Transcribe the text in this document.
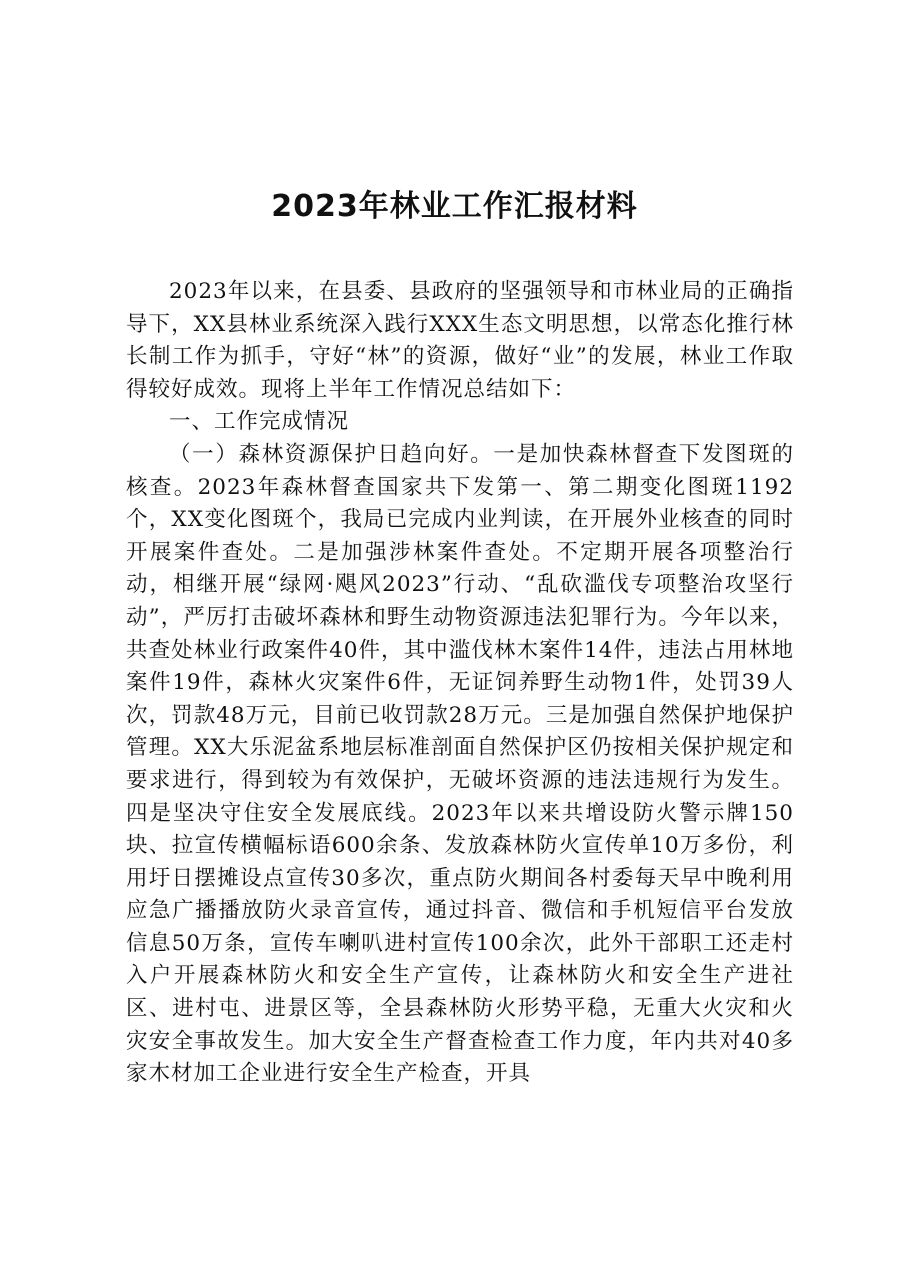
2023年林业工作汇报材料

2023年以来，在县委、县政府的坚强领导和市林业局的正确指导下，XX县林业系统深入践行XXX生态文明思想，以常态化推行林长制工作为抓手，守好“林”的资源，做好“业”的发展，林业工作取得较好成效。现将上半年工作情况总结如下：

一、工作完成情况

（一）森林资源保护日趋向好。一是加快森林督查下发图斑的核查。2023年森林督查国家共下发第一、第二期变化图斑1192个，XX变化图斑个，我局已完成内业判读，在开展外业核查的同时开展案件查处。二是加强涉林案件查处。不定期开展各项整治行动，相继开展“绿网·飓风2023”行动、“乱砍滥伐专项整治攻坚行动”，严厉打击破坏森林和野生动物资源违法犯罪行为。今年以来，共查处林业行政案件40件，其中滥伐林木案件14件，违法占用林地案件19件，森林火灾案件6件，无证饲养野生动物1件，处罚39人次，罚款48万元，目前已收罚款28万元。三是加强自然保护地保护管理。XX大乐泥盆系地层标准剖面自然保护区仍按相关保护规定和要求进行，得到较为有效保护，无破坏资源的违法违规行为发生。四是坚决守住安全发展底线。2023年以来共增设防火警示牌150块、拉宣传横幅标语600余条、发放森林防火宣传单10万多份，利用圩日摆摊设点宣传30多次，重点防火期间各村委每天早中晚利用应急广播播放防火录音宣传，通过抖音、微信和手机短信平台发放信息50万条，宣传车喇叭进村宣传100余次，此外干部职工还走村入户开展森林防火和安全生产宣传，让森林防火和安全生产进社区、进村屯、进景区等，全县森林防火形势平稳，无重大火灾和火灾安全事故发生。加大安全生产督查检查工作力度，年内共对40多家木材加工企业进行安全生产检查，开具
